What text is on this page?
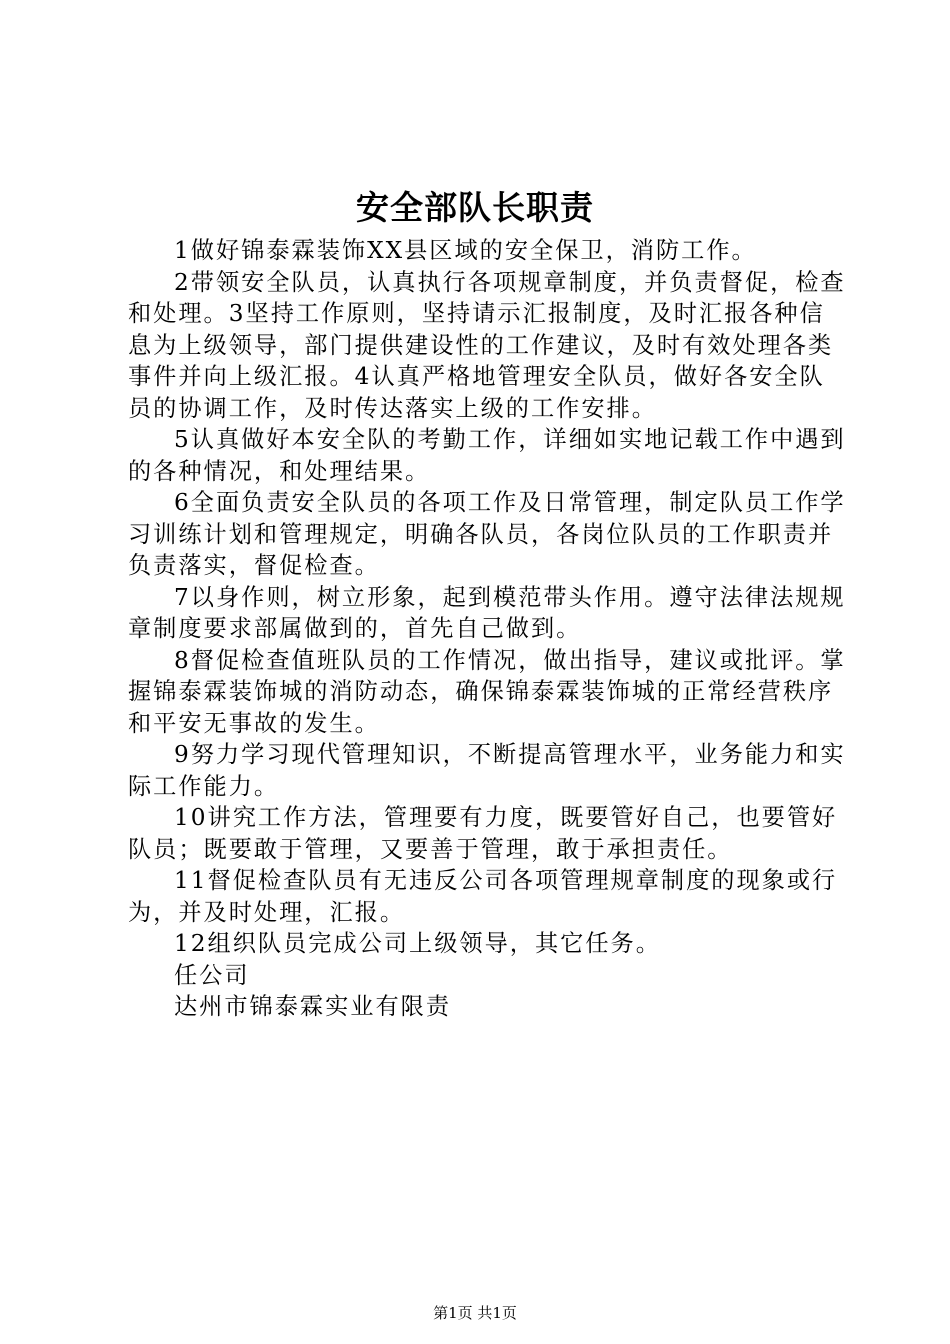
安全部队长职责

1做好锦泰霖装饰XX县区域的安全保卫，消防工作。

2带领安全队员，认真执行各项规章制度，并负责督促，检查和处理。3坚持工作原则，坚持请示汇报制度，及时汇报各种信息为上级领导，部门提供建设性的工作建议，及时有效处理各类事件并向上级汇报。4认真严格地管理安全队员，做好各安全队员的协调工作，及时传达落实上级的工作安排。

5认真做好本安全队的考勤工作，详细如实地记载工作中遇到的各种情况，和处理结果。

6全面负责安全队员的各项工作及日常管理，制定队员工作学习训练计划和管理规定，明确各队员，各岗位队员的工作职责并负责落实，督促检查。

7以身作则，树立形象，起到模范带头作用。遵守法律法规规章制度要求部属做到的，首先自己做到。

8督促检查值班队员的工作情况，做出指导，建议或批评。掌握锦泰霖装饰城的消防动态，确保锦泰霖装饰城的正常经营秩序和平安无事故的发生。

9努力学习现代管理知识，不断提高管理水平，业务能力和实际工作能力。

10讲究工作方法，管理要有力度，既要管好自己，也要管好队员；既要敢于管理，又要善于管理，敢于承担责任。

11督促检查队员有无违反公司各项管理规章制度的现象或行为，并及时处理，汇报。

12组织队员完成公司上级领导，其它任务。

任公司

达州市锦泰霖实业有限责

第1页 共1页
